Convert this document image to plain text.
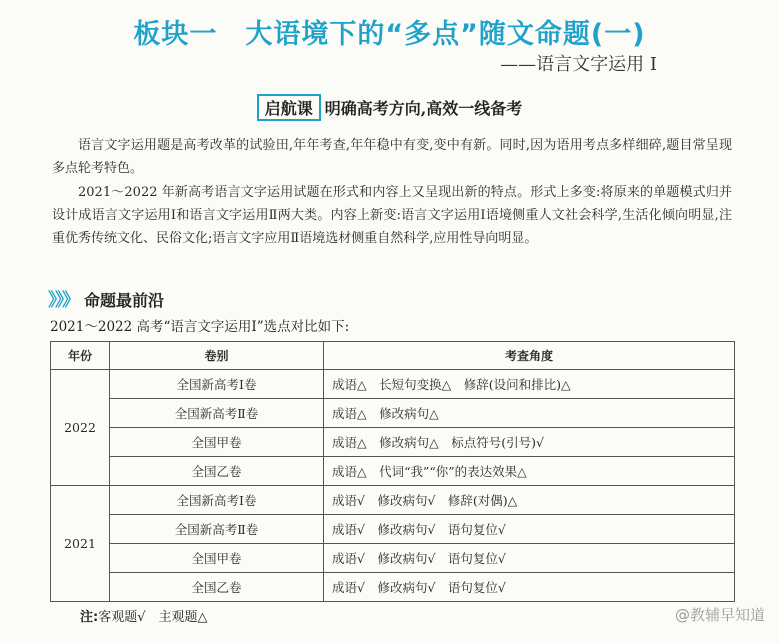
板块一　大语境下的“多点”随文命题(一)
——语言文字运用 Ⅰ
启航课 明确高考方向,高效一线备考
语言文字运用题是高考改革的试验田,年年考查,年年稳中有变,变中有新。同时,因为语用考点多样细碎,题目常呈现多点轮考特色。
2021～2022 年新高考语言文字运用试题在形式和内容上又呈现出新的特点。形式上多变:将原来的单题模式归并设计成语言文字运用Ⅰ和语言文字运用Ⅱ两大类。内容上新变:语言文字运用Ⅰ语境侧重人文社会科学,生活化倾向明显,注重优秀传统文化、民俗文化;语言文字应用Ⅱ语境选材侧重自然科学,应用性导向明显。
》》》 命题最前沿
2021～2022 高考“语言文字运用Ⅰ”选点对比如下:
年份	卷别	考查角度
2022	全国新高考Ⅰ卷	成语△　长短句变换△　修辞(设问和排比)△
	全国新高考Ⅱ卷	成语△　修改病句△
	全国甲卷	成语△　修改病句△　标点符号(引号)√
	全国乙卷	成语△　代词“我”“你”的表达效果△
2021	全国新高考Ⅰ卷	成语√　修改病句√　修辞(对偶)△
	全国新高考Ⅱ卷	成语√　修改病句√　语句复位√
	全国甲卷	成语√　修改病句√　语句复位√
	全国乙卷	成语√　修改病句√　语句复位√
注:客观题√　主观题△	@教辅早知道
